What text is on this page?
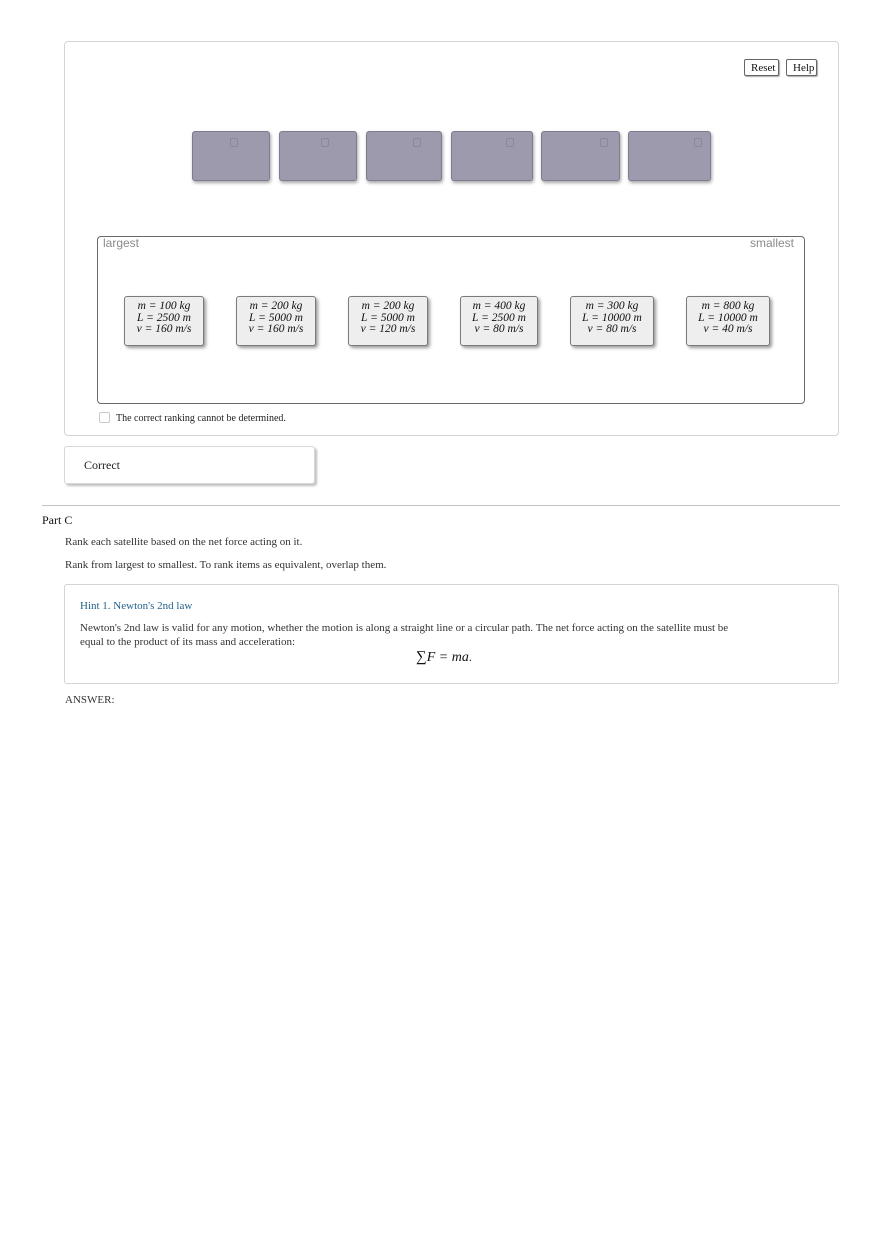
Reset	Help
largest	smallest
m = 100 kg
L = 2500 m
v = 160 m/s
m = 200 kg
L = 5000 m
v = 160 m/s
m = 200 kg
L = 5000 m
v = 120 m/s
m = 400 kg
L = 2500 m
v = 80 m/s
m = 300 kg
L = 10000 m
v = 80 m/s
m = 800 kg
L = 10000 m
v = 40 m/s
The correct ranking cannot be determined.
Correct
Part C
Rank each satellite based on the net force acting on it.
Rank from largest to smallest. To rank items as equivalent, overlap them.
Hint 1. Newton's 2nd law
Newton's 2nd law is valid for any motion, whether the motion is along a straight line or a circular path. The net force acting on the satellite must be
equal to the product of its mass and acceleration:
∑F = ma.
ANSWER:
